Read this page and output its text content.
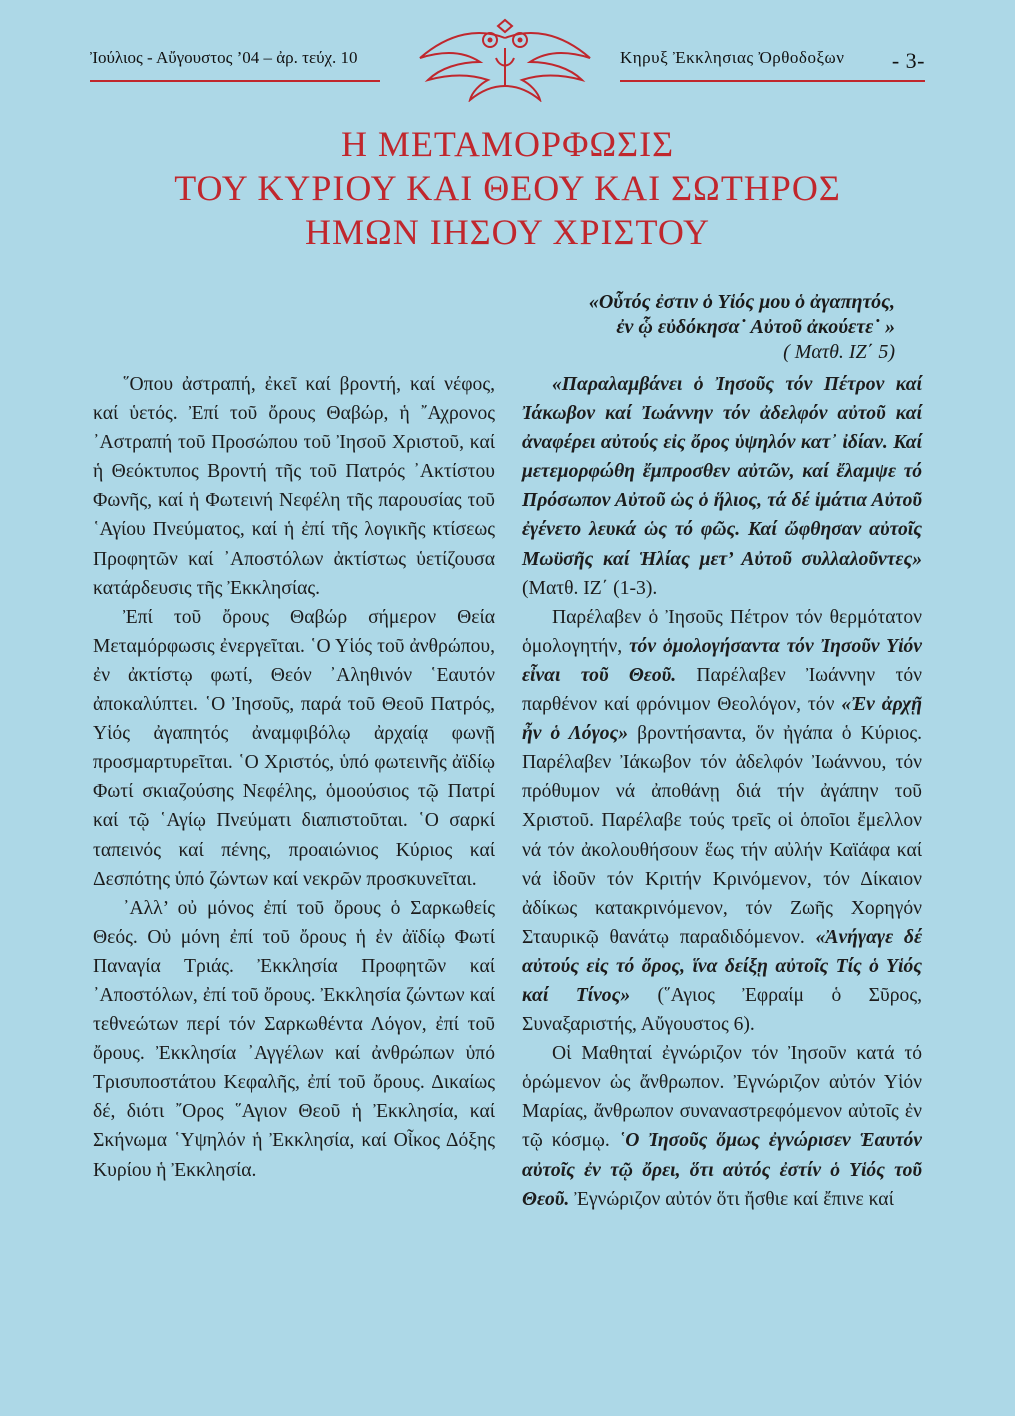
Ἰούλιος - Αὔγουστος ’04 – ἀρ. τεύχ. 10	Κηρυξ Ἐκκλησιας Ὀρθοδοξων - 3-
Η ΜΕΤΑΜΟΡΦΩΣΙΣ
ΤΟΥ ΚΥΡΙΟΥ ΚΑΙ ΘΕΟΥ ΚΑΙ ΣΩΤΗΡΟΣ
ΗΜΩΝ ΙΗΣΟΥ ΧΡΙΣΤΟΥ
«Οὗτός ἐστιν ὁ Υἱός μου ὁ ἀγαπητός,
ἐν ᾧ εὐδόκησα˙ Αὐτοῦ ἀκούετε˙ »
( Ματθ. ΙΖ΄ 5)

῞Οπου ἀστραπή, ἐκεῖ καί βροντή, καί νέφος, καί ὑετός. Ἐπί τοῦ ὄρους Θαβώρ, ἡ ῎Αχρονος ᾿Αστραπή τοῦ Προσώπου τοῦ Ἰησοῦ Χριστοῦ, καί ἡ Θεόκτυπος Βροντή τῆς τοῦ Πατρός ᾿Ακτίστου Φωνῆς, καί ἡ Φωτεινή Νεφέλη τῆς παρουσίας τοῦ ῾Αγίου Πνεύματος, καί ἡ ἐπί τῆς λογικῆς κτίσεως Προφητῶν καί ᾿Αποστόλων ἀκτίστως ὑετίζουσα κατάρδευσις τῆς Ἐκκλησίας.

Ἐπί τοῦ ὄρους Θαβώρ σήμερον Θεία Μεταμόρφωσις ἐνεργεῖται. ῾Ο Υἱός τοῦ ἀνθρώπου, ἐν ἀκτίστῳ φωτί, Θεόν ᾿Αληθινόν ῾Εαυτόν ἀποκαλύπτει. ῾Ο Ἰησοῦς, παρά τοῦ Θεοῦ Πατρός, Υἱός ἀγαπητός ἀναμφιβόλῳ ἀρχαίᾳ φωνῇ προσμαρτυρεῖται. ῾Ο Χριστός, ὑπό φωτεινῆς ἀϊδίῳ Φωτί σκιαζούσης Νεφέλης, ὁμοούσιος τῷ Πατρί καί τῷ ῾Αγίῳ Πνεύματι διαπιστοῦται. ῾Ο σαρκί ταπεινός καί πένης, προαιώνιος Κύριος καί Δεσπότης ὑπό ζώντων καί νεκρῶν προσκυνεῖται.

᾿Αλλ’ οὐ μόνος ἐπί τοῦ ὄρους ὁ Σαρκωθείς Θεός. Οὐ μόνη ἐπί τοῦ ὄρους ἡ ἐν ἀϊδίῳ Φωτί Παναγία Τριάς. Ἐκκλησία Προφητῶν καί ᾿Αποστόλων, ἐπί τοῦ ὄρους. Ἐκκλησία ζώντων καί τεθνεώτων περί τόν Σαρκωθέντα Λόγον, ἐπί τοῦ ὄρους. Ἐκκλησία ᾿Αγγέλων καί ἀνθρώπων ὑπό Τρισυποστάτου Κεφαλῆς, ἐπί τοῦ ὄρους. Δικαίως δέ, διότι ῎Ορος ῞Αγιον Θεοῦ ἡ Ἐκκλησία, καί Σκήνωμα ῾Υψηλόν ἡ Ἐκκλησία, καί Οἶκος Δόξης Κυρίου ἡ Ἐκκλησία.

«Παραλαμβάνει ὁ Ἰησοῦς τόν Πέτρον καί Ἰάκωβον καί Ἰωάννην τόν ἀδελφόν αὐτοῦ καί ἀναφέρει αὐτούς εἰς ὄρος ὑψηλόν κατ᾿ ἰδίαν. Καί μετεμορφώθη ἔμπροσθεν αὐτῶν, καί ἔλαμψε τό Πρόσωπον Αὐτοῦ ὡς ὁ ἥλιος, τά δέ ἱμάτια Αὐτοῦ ἐγένετο λευκά ὡς τό φῶς. Καί ὤφθησαν αὐτοῖς Μωϋσῆς καί Ἡλίας μετ’ Αὐτοῦ συλλαλοῦντες» (Ματθ. ΙΖ΄ (1-3).

Παρέλαβεν ὁ Ἰησοῦς Πέτρον τόν θερμότατον ὁμολογητήν, τόν ὁμολογήσαντα τόν Ἰησοῦν Υἱόν εἶναι τοῦ Θεοῦ. Παρέλαβεν Ἰωάννην τόν παρθένον καί φρόνιμον Θεολόγον, τόν «Ἐν ἀρχῇ ἦν ὁ Λόγος» βροντήσαντα, ὅν ἠγάπα ὁ Κύριος. Παρέλαβεν Ἰάκωβον τόν ἀδελφόν Ἰωάννου, τόν πρόθυμον νά ἀποθάνῃ διά τήν ἀγάπην τοῦ Χριστοῦ. Παρέλαβε τούς τρεῖς οἱ ὁποῖοι ἔμελλον νά τόν ἀκολουθήσουν ἕως τήν αὐλήν Καϊάφα καί νά ἰδοῦν τόν Κριτήν Κρινόμενον, τόν Δίκαιον ἀδίκως κατακρινόμενον, τόν Ζωῆς Χορηγόν Σταυρικῷ θανάτῳ παραδιδόμενον. «Ἀνήγαγε δέ αὐτούς εἰς τό ὄρος, ἵνα δείξῃ αὐτοῖς Τίς ὁ Υἱός καί Τίνος» (῞Αγιος Ἐφραίμ ὁ Σῦρος, Συναξαριστής, Αὔγουστος 6).

Οἱ Μαθηταί ἐγνώριζον τόν Ἰησοῦν κατά τό ὁρώμενον ὡς ἄνθρωπον. Ἐγνώριζον αὐτόν Υἱόν Μαρίας, ἄνθρωπον συναναστρεφόμενον αὐτοῖς ἐν τῷ κόσμῳ. ῾Ο Ἰησοῦς ὅμως ἐγνώρισεν Ἑαυτόν αὐτοῖς ἐν τῷ ὄρει, ὅτι αὐτός ἐστίν ὁ Υἱός τοῦ Θεοῦ. Ἐγνώριζον αὐτόν ὅτι ἤσθιε καί ἔπινε καί
